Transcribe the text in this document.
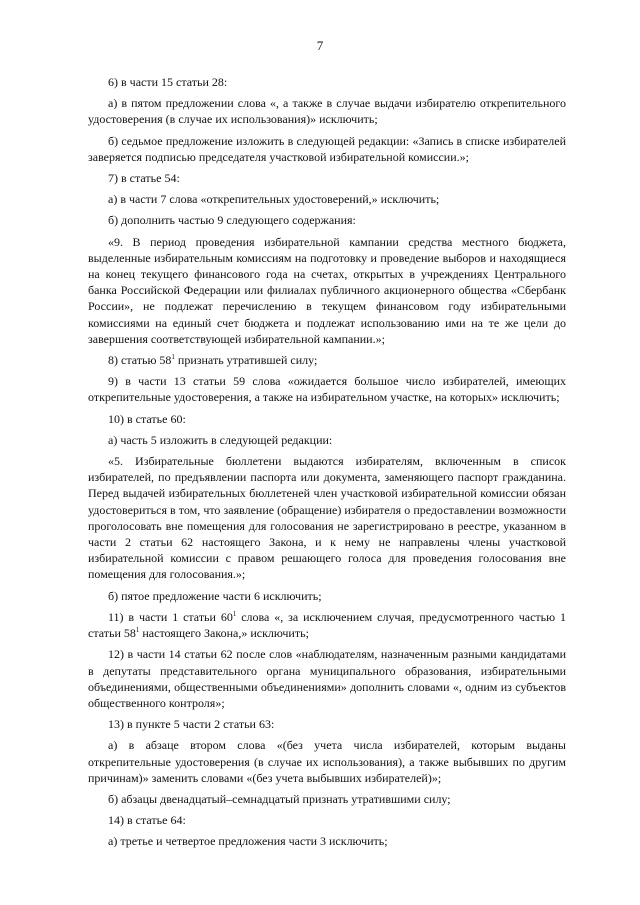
7

6) в части 15 статьи 28:

а) в пятом предложении слова «, а также в случае выдачи избирателю открепительного удостоверения (в случае их использования)» исключить;

б) седьмое предложение изложить в следующей редакции: «Запись в списке избирателей заверяется подписью председателя участковой избирательной комиссии.»;

7) в статье 54:

а) в части 7 слова «открепительных удостоверений,» исключить;

б) дополнить частью 9 следующего содержания:

«9. В период проведения избирательной кампании средства местного бюджета, выделенные избирательным комиссиям на подготовку и проведение выборов и находящиеся на конец текущего финансового года на счетах, открытых в учреждениях Центрального банка Российской Федерации или филиалах публичного акционерного общества «Сбербанк России», не подлежат перечислению в текущем финансовом году избирательными комиссиями на единый счет бюджета и подлежат использованию ими на те же цели до завершения соответствующей избирательной кампании.»;

8) статью $58^1$ признать утратившей силу;

9) в части 13 статьи 59 слова «ожидается большое число избирателей, имеющих открепительные удостоверения, а также на избирательном участке, на которых» исключить;

10) в статье 60:

а) часть 5 изложить в следующей редакции:

«5. Избирательные бюллетени выдаются избирателям, включенным в список избирателей, по предъявлении паспорта или документа, заменяющего паспорт гражданина. Перед выдачей избирательных бюллетеней член участковой избирательной комиссии обязан удостовериться в том, что заявление (обращение) избирателя о предоставлении возможности проголосовать вне помещения для голосования не зарегистрировано в реестре, указанном в части 2 статьи 62 настоящего Закона, и к нему не направлены члены участковой избирательной комиссии с правом решающего голоса для проведения голосования вне помещения для голосования.»;

б) пятое предложение части 6 исключить;

11) в части 1 статьи $60^1$ слова «, за исключением случая, предусмотренного частью 1 статьи $58^1$ настоящего Закона,» исключить;

12) в части 14 статьи 62 после слов «наблюдателям, назначенным разными кандидатами в депутаты представительного органа муниципального образования, избирательными объединениями, общественными объединениями» дополнить словами «, одним из субъектов общественного контроля»;

13) в пункте 5 части 2 статьи 63:

а) в абзаце втором слова «(без учета числа избирателей, которым выданы открепительные удостоверения (в случае их использования), а также выбывших по другим причинам)» заменить словами «(без учета выбывших избирателей)»;

б) абзацы двенадцатый–семнадцатый признать утратившими силу;

14) в статье 64:

а) третье и четвертое предложения части 3 исключить;
